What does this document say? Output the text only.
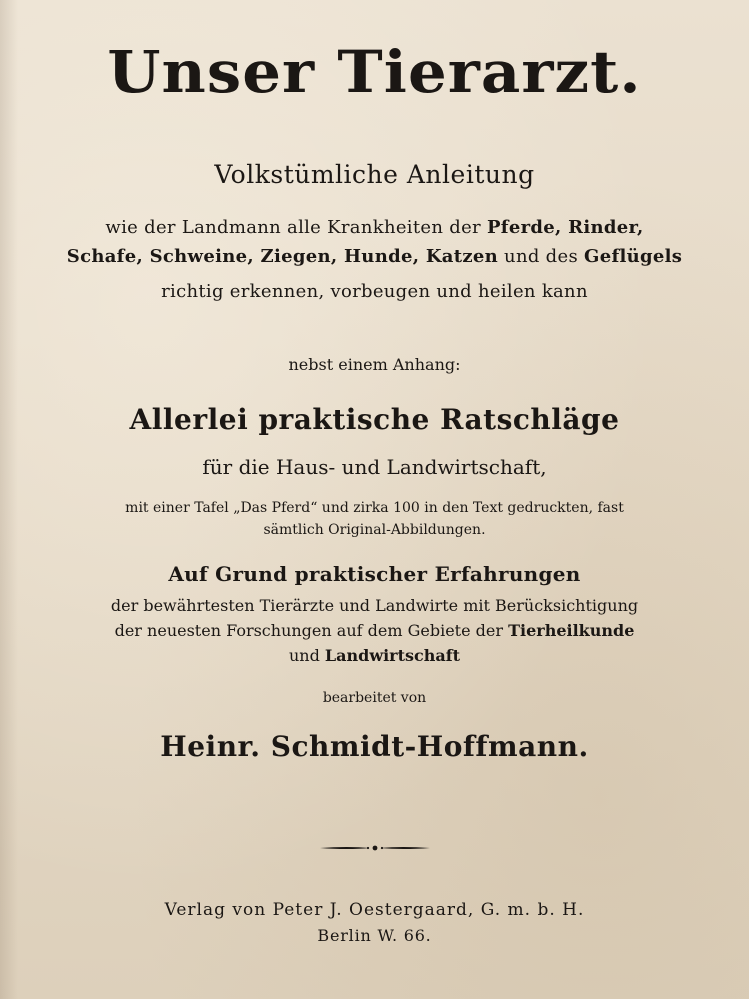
Unser Tierarzt.
Volkstümliche Anleitung
wie der Landmann alle Krankheiten der Pferde, Rinder,
Schafe, Schweine, Ziegen, Hunde, Katzen und des Geflügels
richtig erkennen, vorbeugen und heilen kann
nebst einem Anhang:
Allerlei praktische Ratschläge
für die Haus- und Landwirtschaft,
mit einer Tafel „Das Pferd“ und zirka 100 in den Text gedruckten, fast
sämtlich Original-Abbildungen.
Auf Grund praktischer Erfahrungen
der bewährtesten Tierärzte und Landwirte mit Berücksichtigung
der neuesten Forschungen auf dem Gebiete der Tierheilkunde
und Landwirtschaft
bearbeitet von
Heinr. Schmidt-Hoffmann.
Verlag von Peter J. Oestergaard, G. m. b. H.
Berlin W. 66.
